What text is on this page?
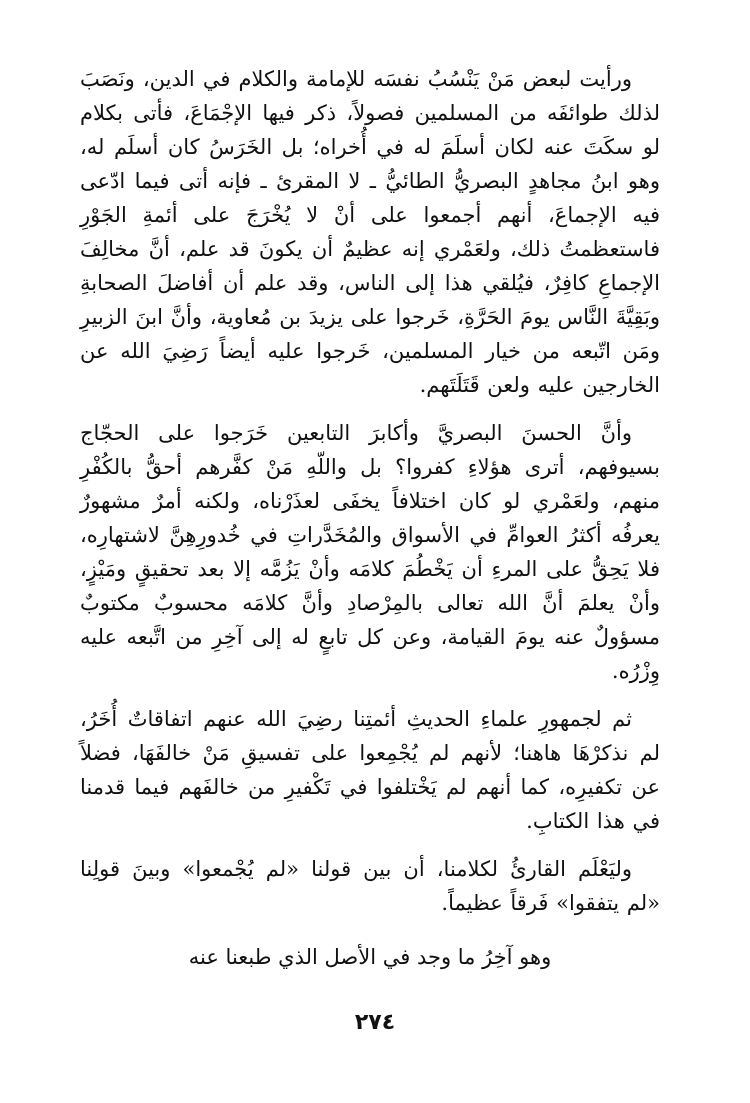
ورأيت لبعض مَنْ يَنْسُبُ نفسَه للإمامة والكلام في الدين، ونَصَبَ لذلك طوائفَه من المسلمين فصولاً، ذكر فيها الإجْمَاعَ، فأتى بكلام لو سكَتَ عنه لكان أسلَمَ له في أُخراه؛ بل الخَرَسُ كان أسلَم له، وهو ابنُ مجاهدٍ البصريُّ الطائيُّ ـ لا المقرئ ـ فإنه أتى فيما ادّعى فيه الإجماعَ، أنهم أجمعوا على أنْ لا يُخْرَجَ على أئمةِ الجَوْرِ فاستعظمتُ ذلك، ولعَمْري إنه عظيمٌ أن يكونَ قد علم، أنَّ مخالِفَ الإجماعِ كافِرٌ، فيُلقي هذا إلى الناس، وقد علم أن أفاضلَ الصحابةِ وبَقِيَّةَ النَّاس يومَ الحَرَّةِ، خَرجوا على يزيدَ بن مُعاوية، وأنَّ ابنَ الزبيرِ ومَن اتّبعه من خيار المسلمين، خَرجوا عليه أيضاً رَضِيَ الله عن الخارجين عليه ولعن قَتَلَتَهم.

وأنَّ الحسنَ البصريَّ وأكابرَ التابعين خَرَجوا على الحجّاج بسيوفهم، أترى هؤلاءِ كفروا؟ بل واللّهِ مَنْ كفَّرهم أحقُّ بالكُفْرِ منهم، ولعَمْري لو كان اختلافاً يخفَى لعذَرْناه، ولكنه أمرٌ مشهورٌ يعرفُه أكثرُ العوامِّ في الأسواق والمُخَدَّراتِ في خُدورِهِنَّ لاشتهارِه، فلا يَحِقُّ على المرءِ أن يَخْطُمَ كلامَه وأنْ يَزُمَّه إلا بعد تحقيقٍ ومَيْزٍ، وأنْ يعلمَ أنَّ الله تعالى بالمِرْصادِ وأنَّ كلامَه محسوبٌ مكتوبٌ مسؤولٌ عنه يومَ القيامة، وعن كل تابعٍ له إلى آخِرِ من اتَّبعه عليه وِزْرُه.

ثم لجمهورِ علماءِ الحديثِ أئمتِنا رضِيَ الله عنهم اتفاقاتٌ أُخَرُ، لم نذكرْهَا هاهنا؛ لأنهم لم يُجْمِعوا على تفسيقِ مَنْ خالفَهَا، فضلاً عن تكفيرِه، كما أنهم لم يَخْتلفوا في تَكْفيرِ من خالفَهم فيما قدمنا في هذا الكتابِ.

وليَعْلَم القارئُ لكلامنا، أن بين قولنا «لم يُجْمعوا» وبينَ قولِنا «لم يتفقوا» فَرقاً عظيماً.

وهو آخِرُ ما وجد في الأصل الذي طبعنا عنه

٢٧٤
